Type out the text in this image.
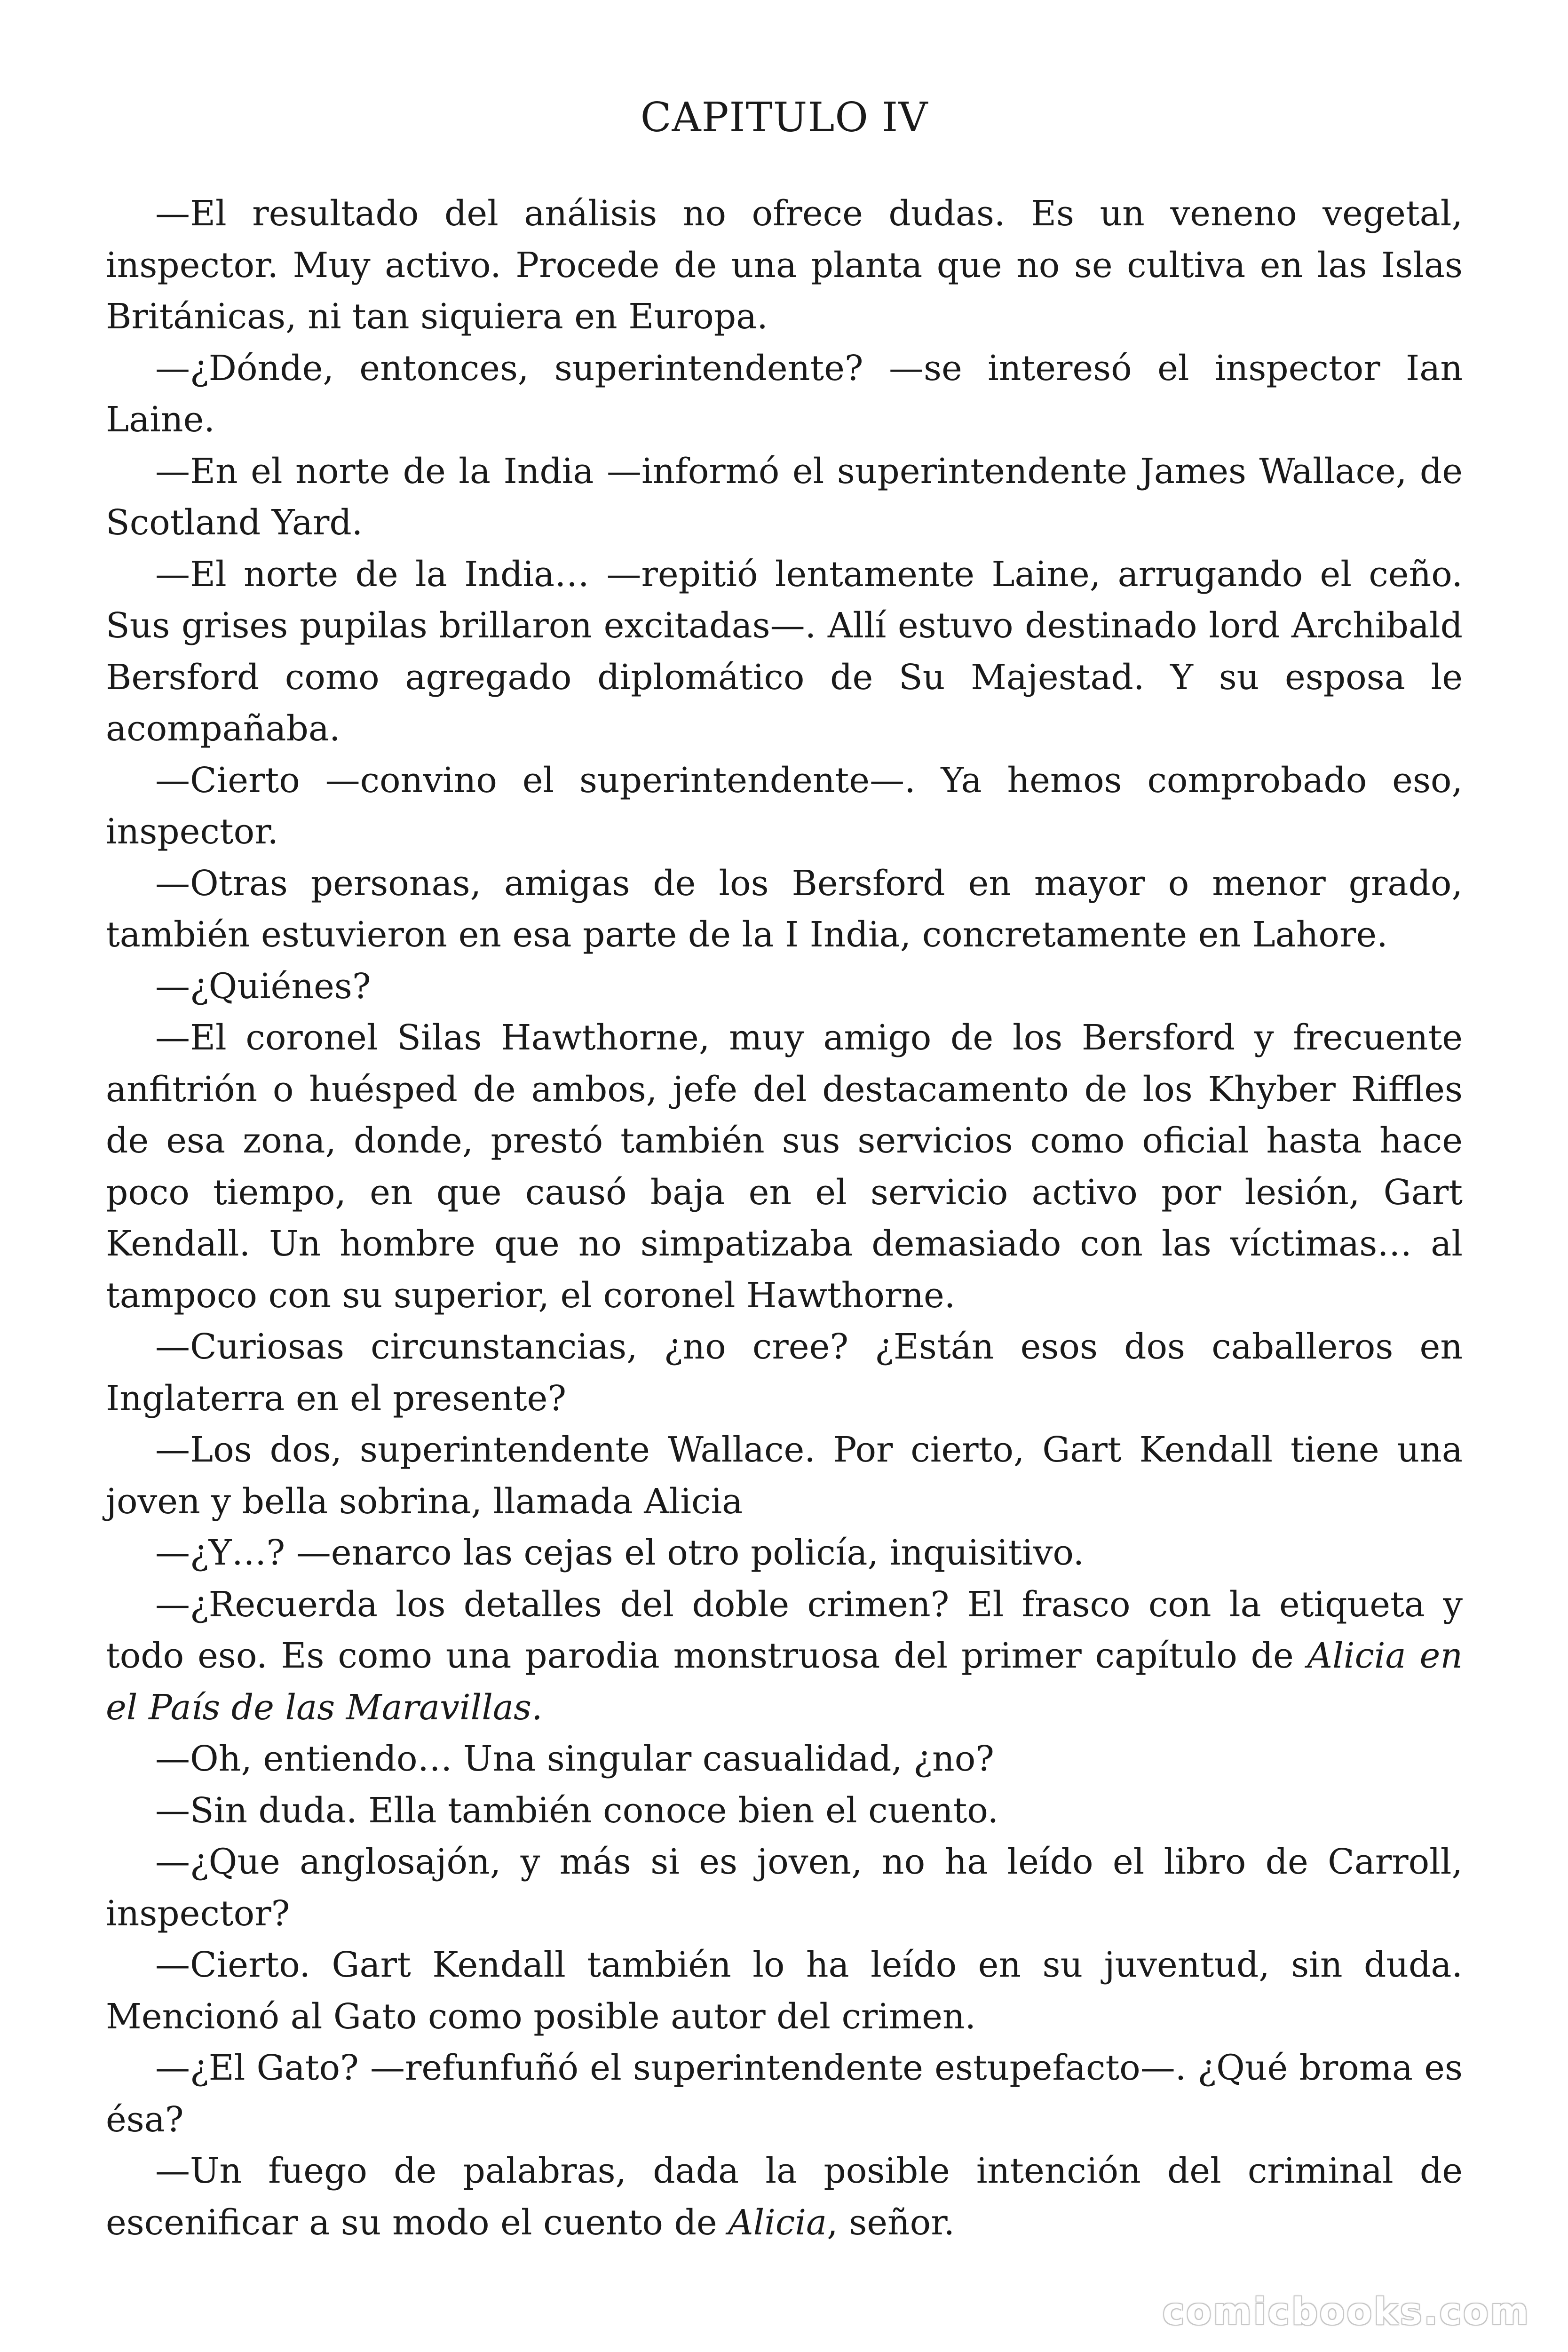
CAPITULO IV

—El resultado del análisis no ofrece dudas. Es un veneno vegetal, inspector. Muy activo. Procede de una planta que no se cultiva en las Islas Británicas, ni tan siquiera en Europa.

—¿Dónde, entonces, superintendente? —se interesó el inspector Ian Laine.

—En el norte de la India —informó el superintendente James Wallace, de Scotland Yard.

—El norte de la India… —repitió lentamente Laine, arrugando el ceño. Sus grises pupilas brillaron excitadas—. Allí estuvo destinado lord Archibald Bersford como agregado diplomático de Su Majestad. Y su esposa le acompañaba.

—Cierto —convino el superintendente—. Ya hemos comprobado eso, inspector.

—Otras personas, amigas de los Bersford en mayor o menor grado, también estuvieron en esa parte de la I India, concretamente en Lahore.

—¿Quiénes?

—El coronel Silas Hawthorne, muy amigo de los Bersford y frecuente anfitrión o huésped de ambos, jefe del destacamento de los Khyber Riffles de esa zona, donde, prestó también sus servicios como oficial hasta hace poco tiempo, en que causó baja en el servicio activo por lesión, Gart Kendall. Un hombre que no simpatizaba demasiado con las víctimas… al tampoco con su superior, el coronel Hawthorne.

—Curiosas circunstancias, ¿no cree? ¿Están esos dos caballeros en Inglaterra en el presente?

—Los dos, superintendente Wallace. Por cierto, Gart Kendall tiene una joven y bella sobrina, llamada Alicia

—¿Y…? —enarco las cejas el otro policía, inquisitivo.

—¿Recuerda los detalles del doble crimen? El frasco con la etiqueta y todo eso. Es como una parodia monstruosa del primer capítulo de Alicia en el País de las Maravillas.

—Oh, entiendo… Una singular casualidad, ¿no?

—Sin duda. Ella también conoce bien el cuento.

—¿Que anglosajón, y más si es joven, no ha leído el libro de Carroll, inspector?

—Cierto. Gart Kendall también lo ha leído en su juventud, sin duda. Mencionó al Gato como posible autor del crimen.

—¿El Gato? —refunfuñó el superintendente estupefacto—. ¿Qué broma es ésa?

—Un fuego de palabras, dada la posible intención del criminal de escenificar a su modo el cuento de Alicia, señor.

comicbooks.com
